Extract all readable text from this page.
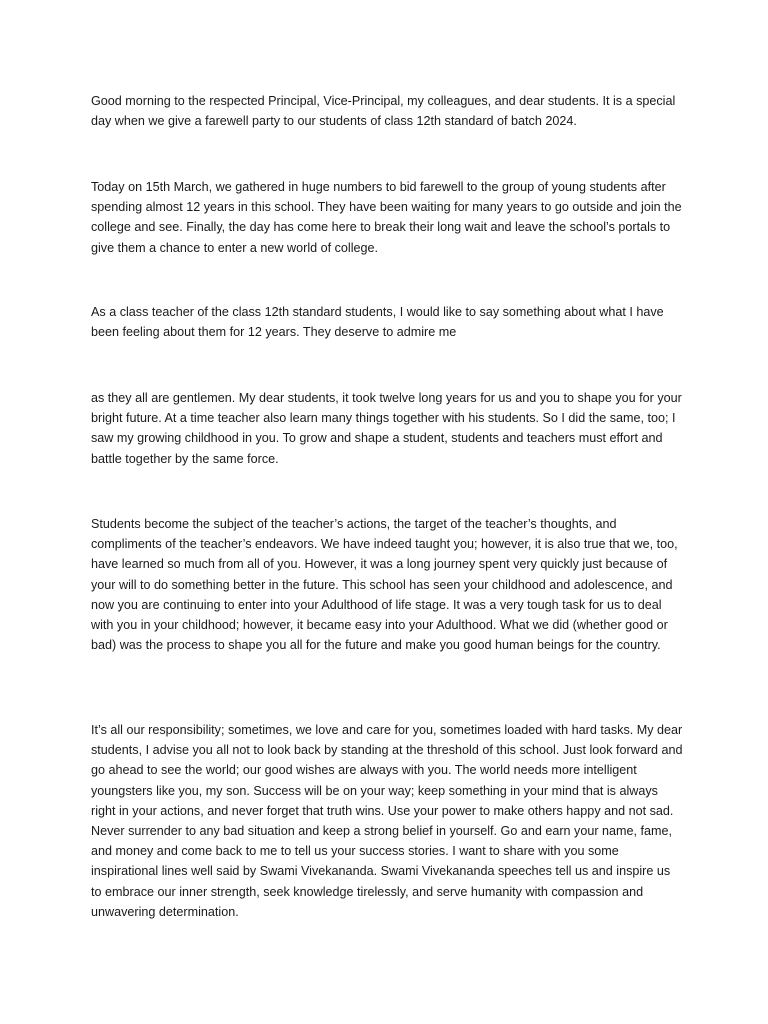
Good morning to the respected Principal, Vice-Principal, my colleagues, and dear students. It is a special day when we give a farewell party to our students of class 12th standard of batch 2024.

Today on 15th March, we gathered in huge numbers to bid farewell to the group of young students after spending almost 12 years in this school. They have been waiting for many years to go outside and join the college and see. Finally, the day has come here to break their long wait and leave the school’s portals to give them a chance to enter a new world of college.

As a class teacher of the class 12th standard students, I would like to say something about what I have been feeling about them for 12 years. They deserve to admire me

as they all are gentlemen. My dear students, it took twelve long years for us and you to shape you for your bright future. At a time teacher also learn many things together with his students. So I did the same, too; I saw my growing childhood in you. To grow and shape a student, students and teachers must effort and battle together by the same force.

Students become the subject of the teacher’s actions, the target of the teacher’s thoughts, and compliments of the teacher’s endeavors. We have indeed taught you; however, it is also true that we, too, have learned so much from all of you. However, it was a long journey spent very quickly just because of your will to do something better in the future. This school has seen your childhood and adolescence, and now you are continuing to enter into your Adulthood of life stage. It was a very tough task for us to deal with you in your childhood; however, it became easy into your Adulthood. What we did (whether good or bad) was the process to shape you all for the future and make you good human beings for the country.

It’s all our responsibility; sometimes, we love and care for you, sometimes loaded with hard tasks. My dear students, I advise you all not to look back by standing at the threshold of this school. Just look forward and go ahead to see the world; our good wishes are always with you. The world needs more intelligent youngsters like you, my son. Success will be on your way; keep something in your mind that is always right in your actions, and never forget that truth wins. Use your power to make others happy and not sad. Never surrender to any bad situation and keep a strong belief in yourself. Go and earn your name, fame, and money and come back to me to tell us your success stories. I want to share with you some inspirational lines well said by Swami Vivekananda. Swami Vivekananda speeches tell us and inspire us to embrace our inner strength, seek knowledge tirelessly, and serve humanity with compassion and unwavering determination.
